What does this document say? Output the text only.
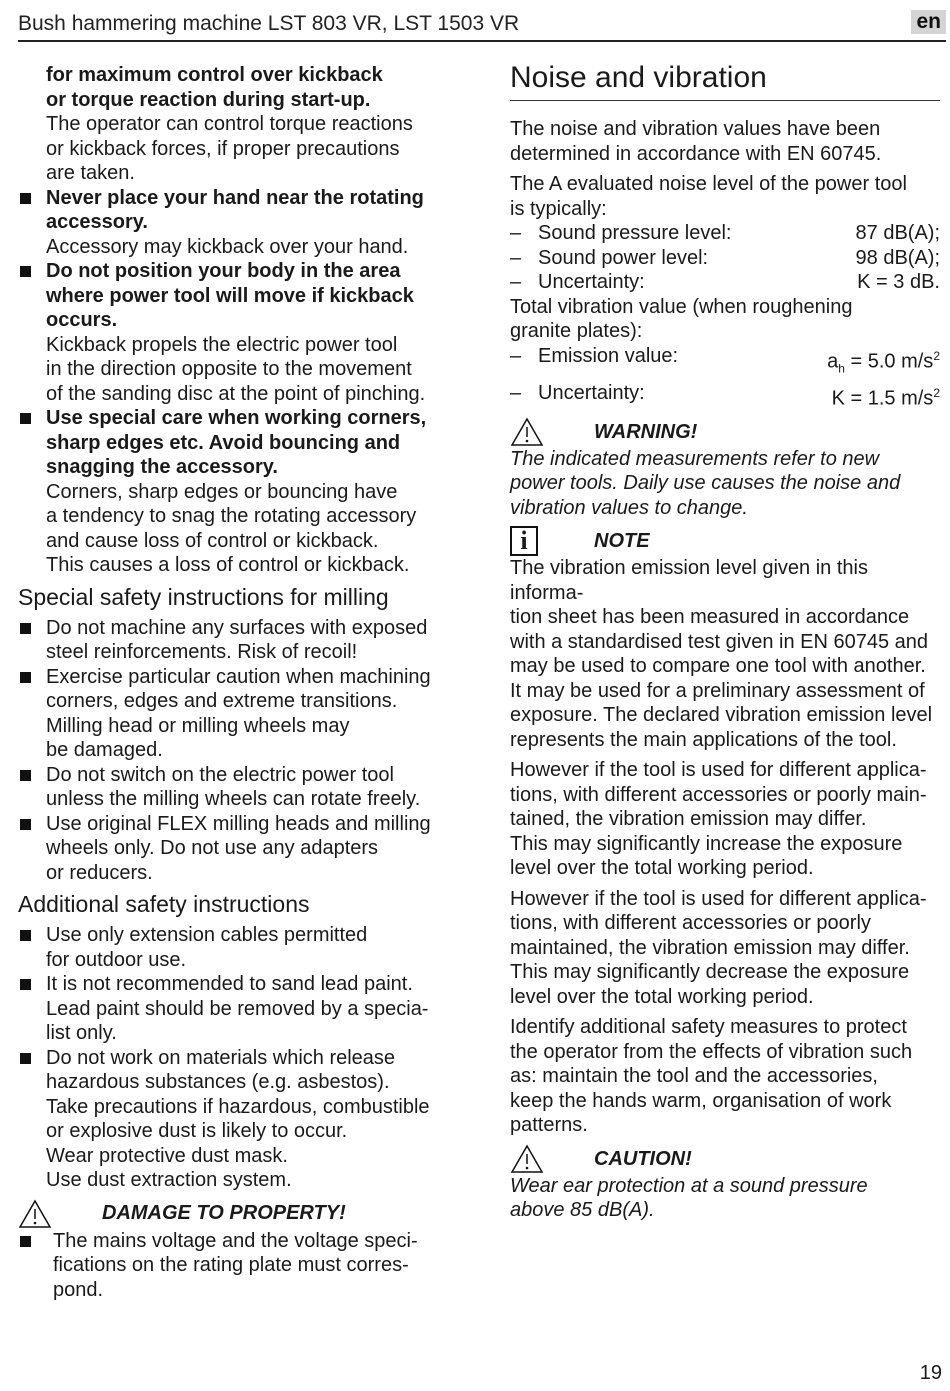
Bush hammering machine LST 803 VR, LST 1503 VR	en
for maximum control over kickback
or torque reaction during start-up.
The operator can control torque reactions
or kickback forces, if proper precautions
are taken.
Never place your hand near the rotating
accessory.
Accessory may kickback over your hand.
Do not position your body in the area
where power tool will move if kickback
occurs.
Kickback propels the electric power tool
in the direction opposite to the movement
of the sanding disc at the point of pinching.
Use special care when working corners,
sharp edges etc. Avoid bouncing and
snagging the accessory.
Corners, sharp edges or bouncing have
a tendency to snag the rotating accessory
and cause loss of control or kickback.
This causes a loss of control or kickback.
Special safety instructions for milling
Do not machine any surfaces with exposed
steel reinforcements. Risk of recoil!
Exercise particular caution when machining
corners, edges and extreme transitions.
Milling head or milling wheels may
be damaged.
Do not switch on the electric power tool
unless the milling wheels can rotate freely.
Use original FLEX milling heads and milling
wheels only. Do not use any adapters
or reducers.
Additional safety instructions
Use only extension cables permitted
for outdoor use.
It is not recommended to sand lead paint.
Lead paint should be removed by a specia-
list only.
Do not work on materials which release
hazardous substances (e.g. asbestos).
Take precautions if hazardous, combustible
or explosive dust is likely to occur.
Wear protective dust mask.
Use dust extraction system.
DAMAGE TO PROPERTY!
The mains voltage and the voltage speci-
fications on the rating plate must corres-
pond.
Noise and vibration
The noise and vibration values have been
determined in accordance with EN 60745.
The A evaluated noise level of the power tool
is typically:
– Sound pressure level:	87 dB(A);
– Sound power level:	98 dB(A);
– Uncertainty:	K = 3 dB.
Total vibration value (when roughening
granite plates):
– Emission value:	$a_h = 5.0$ $m/s^2$
– Uncertainty:	K = 1.5 $m/s^2$
WARNING!
The indicated measurements refer to new
power tools. Daily use causes the noise and
vibration values to change.
i	NOTE
The vibration emission level given in this informa-
tion sheet has been measured in accordance
with a standardised test given in EN 60745 and
may be used to compare one tool with another.
It may be used for a preliminary assessment of
exposure. The declared vibration emission level
represents the main applications of the tool.
However if the tool is used for different applica-
tions, with different accessories or poorly main-
tained, the vibration emission may differ.
This may significantly increase the exposure
level over the total working period.
However if the tool is used for different applica-
tions, with different accessories or poorly
maintained, the vibration emission may differ.
This may significantly decrease the exposure
level over the total working period.
Identify additional safety measures to protect
the operator from the effects of vibration such
as: maintain the tool and the accessories,
keep the hands warm, organisation of work
patterns.
CAUTION!
Wear ear protection at a sound pressure
above 85 dB(A).
19
